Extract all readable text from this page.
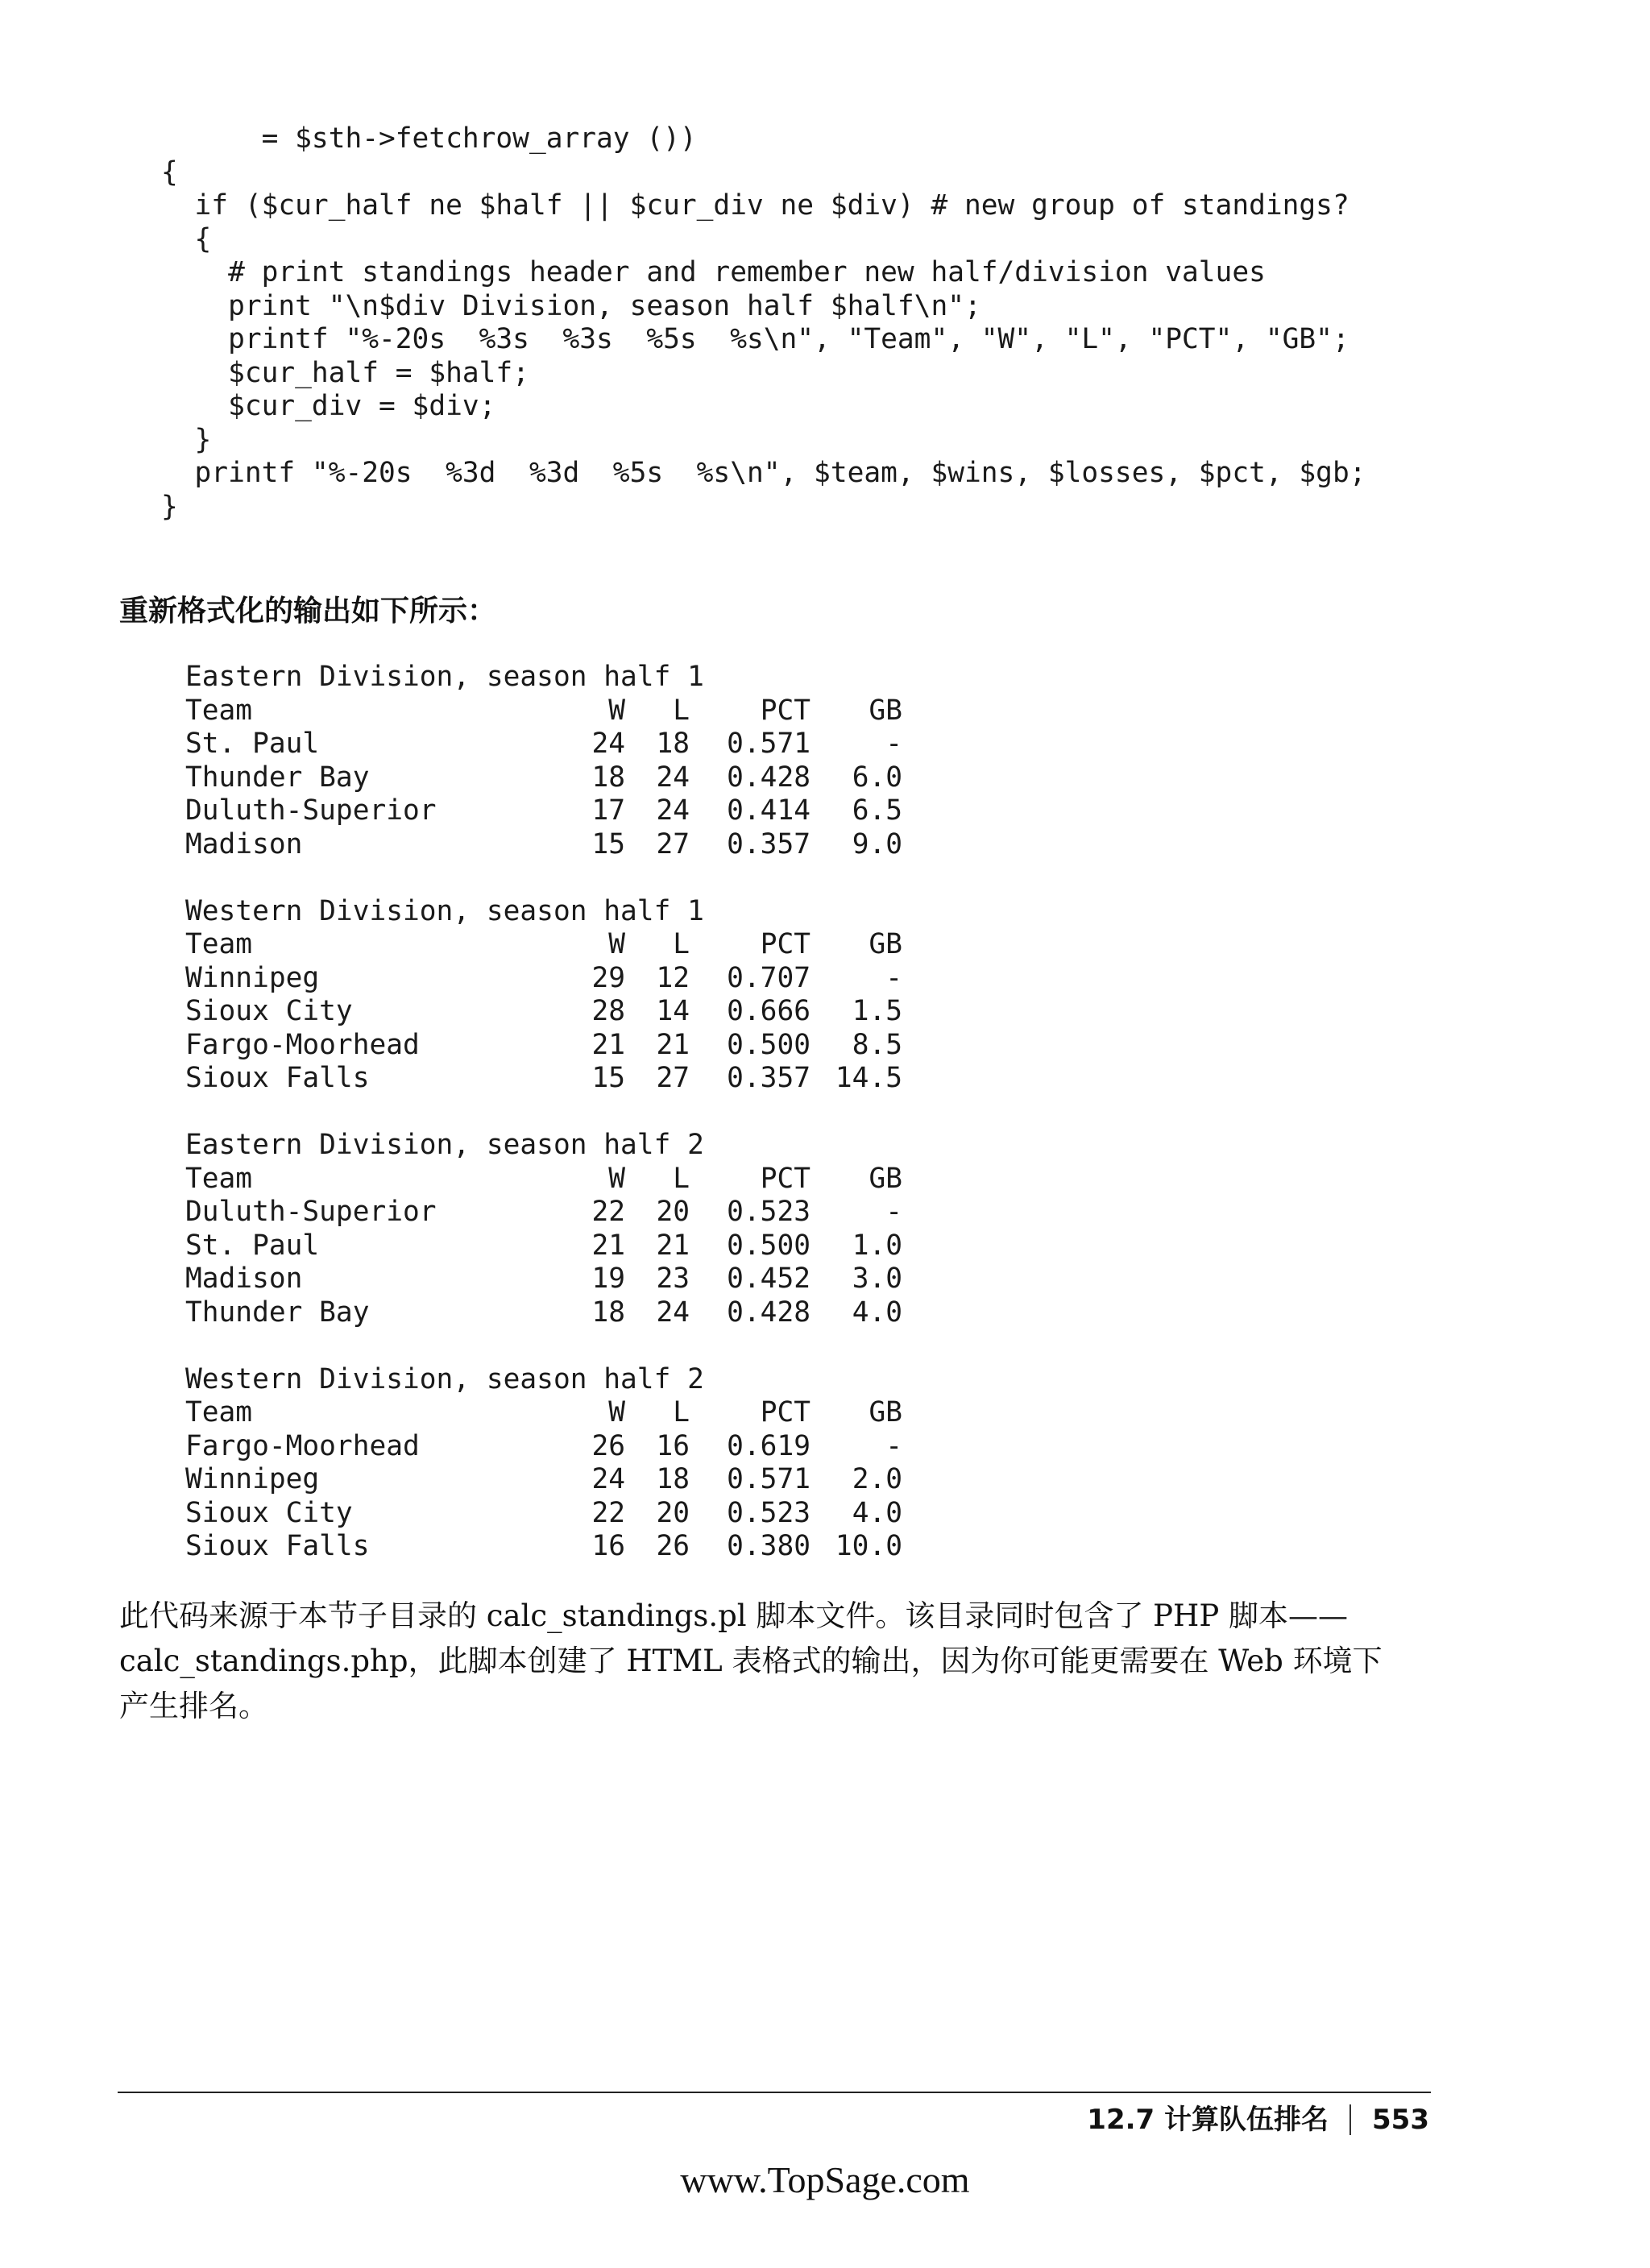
= $sth->fetchrow_array ())
{
if ($cur_half ne $half || $cur_div ne $div) # new group of standings?
{
# print standings header and remember new half/division values
print "\n$div Division, season half $half\n";
printf "%-20s  %3s  %3s  %5s  %s\n", "Team", "W", "L", "PCT", "GB";
$cur_half = $half;
$cur_div = $div;
}
printf "%-20s  %3d  %3d  %5s  %s\n", $team, $wins, $losses, $pct, $gb;
}
重新格式化的输出如下所示：
Eastern Division, season half 1
Team	W	L	PCT	GB
St. Paul	24	18	0.571	-
Thunder Bay	18	24	0.428	6.0
Duluth-Superior	17	24	0.414	6.5
Madison	15	27	0.357	9.0
Western Division, season half 1
Team	W	L	PCT	GB
Winnipeg	29	12	0.707	-
Sioux City	28	14	0.666	1.5
Fargo-Moorhead	21	21	0.500	8.5
Sioux Falls	15	27	0.357 14.5
Eastern Division, season half 2
Team	W	L	PCT	GB
Duluth-Superior	22	20	0.523	-
St. Paul	21	21	0.500	1.0
Madison	19	23	0.452	3.0
Thunder Bay	18	24	0.428	4.0
Western Division, season half 2
Team	W	L	PCT	GB
Fargo-Moorhead	26	16	0.619	-
Winnipeg	24	18	0.571	2.0
Sioux City	22	20	0.523	4.0
Sioux Falls	16	26	0.380 10.0
此代码来源于本节子目录的 calc_standings.pl 脚本文件。该目录同时包含了 PHP 脚本——calc_standings.php，此脚本创建了 HTML 表格式的输出，因为你可能更需要在 Web 环境下产生排名。
12.7 计算队伍排名 553
www.TopSage.com
